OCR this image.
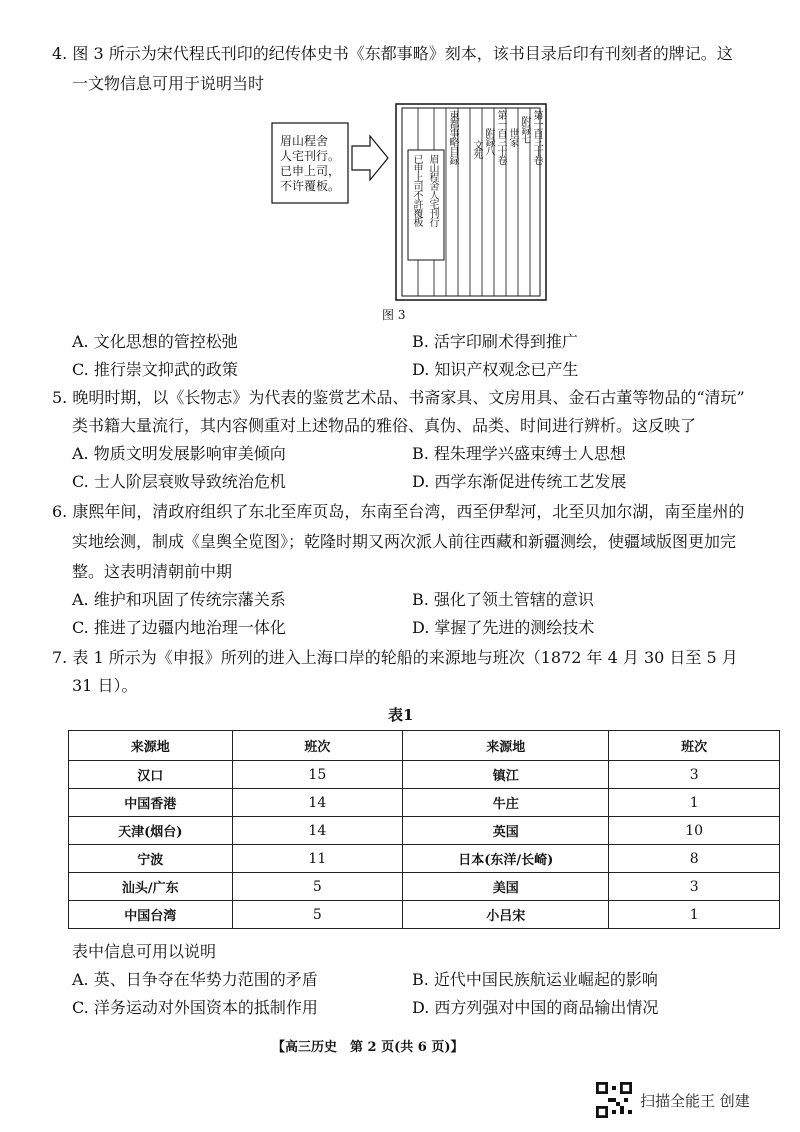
4. 图 3 所示为宋代程氏刊印的纪传体史书《东都事略》刻本，该书目录后印有刊刻者的牌记。这
一文物信息可用于说明当时
眉山程舍
人宅刊行。
已申上司，
不许覆板。	已申上司不許覆板 眉山程舍人宅刊行
東都事略目録 文苑 附録八 第一百三十卷 世家 附録七 第一百三十卷
图 3
A. 文化思想的管控松弛	B. 活字印刷术得到推广
C. 推行崇文抑武的政策	D. 知识产权观念已产生
5. 晚明时期，以《长物志》为代表的鉴赏艺术品、书斋家具、文房用具、金石古董等物品的“清玩”
类书籍大量流行，其内容侧重对上述物品的雅俗、真伪、品类、时间进行辨析。这反映了
A. 物质文明发展影响审美倾向	B. 程朱理学兴盛束缚士人思想
C. 士人阶层衰败导致统治危机	D. 西学东渐促进传统工艺发展
6. 康熙年间，清政府组织了东北至库页岛，东南至台湾，西至伊犁河，北至贝加尔湖，南至崖州的
实地绘测，制成《皇舆全览图》；乾隆时期又两次派人前往西藏和新疆测绘，使疆域版图更加完
整。这表明清朝前中期
A. 维护和巩固了传统宗藩关系	B. 强化了领土管辖的意识
C. 推进了边疆内地治理一体化	D. 掌握了先进的测绘技术
7. 表 1 所示为《申报》所列的进入上海口岸的轮船的来源地与班次（1872 年 4 月 30 日至 5 月
31 日）。
表1
来源地	班次	来源地	班次
汉口	15	镇江	3
中国香港	14	牛庄	1
天津(烟台)	14	英国	10
宁波	11	日本(东洋/长崎)	8
汕头/广东	5	美国	3
中国台湾	5	小吕宋	1
表中信息可用以说明
A. 英、日争夺在华势力范围的矛盾	B. 近代中国民族航运业崛起的影响
C. 洋务运动对外国资本的抵制作用	D. 西方列强对中国的商品输出情况
【高三历史　第 2 页(共 6 页)】
扫描全能王 创建
